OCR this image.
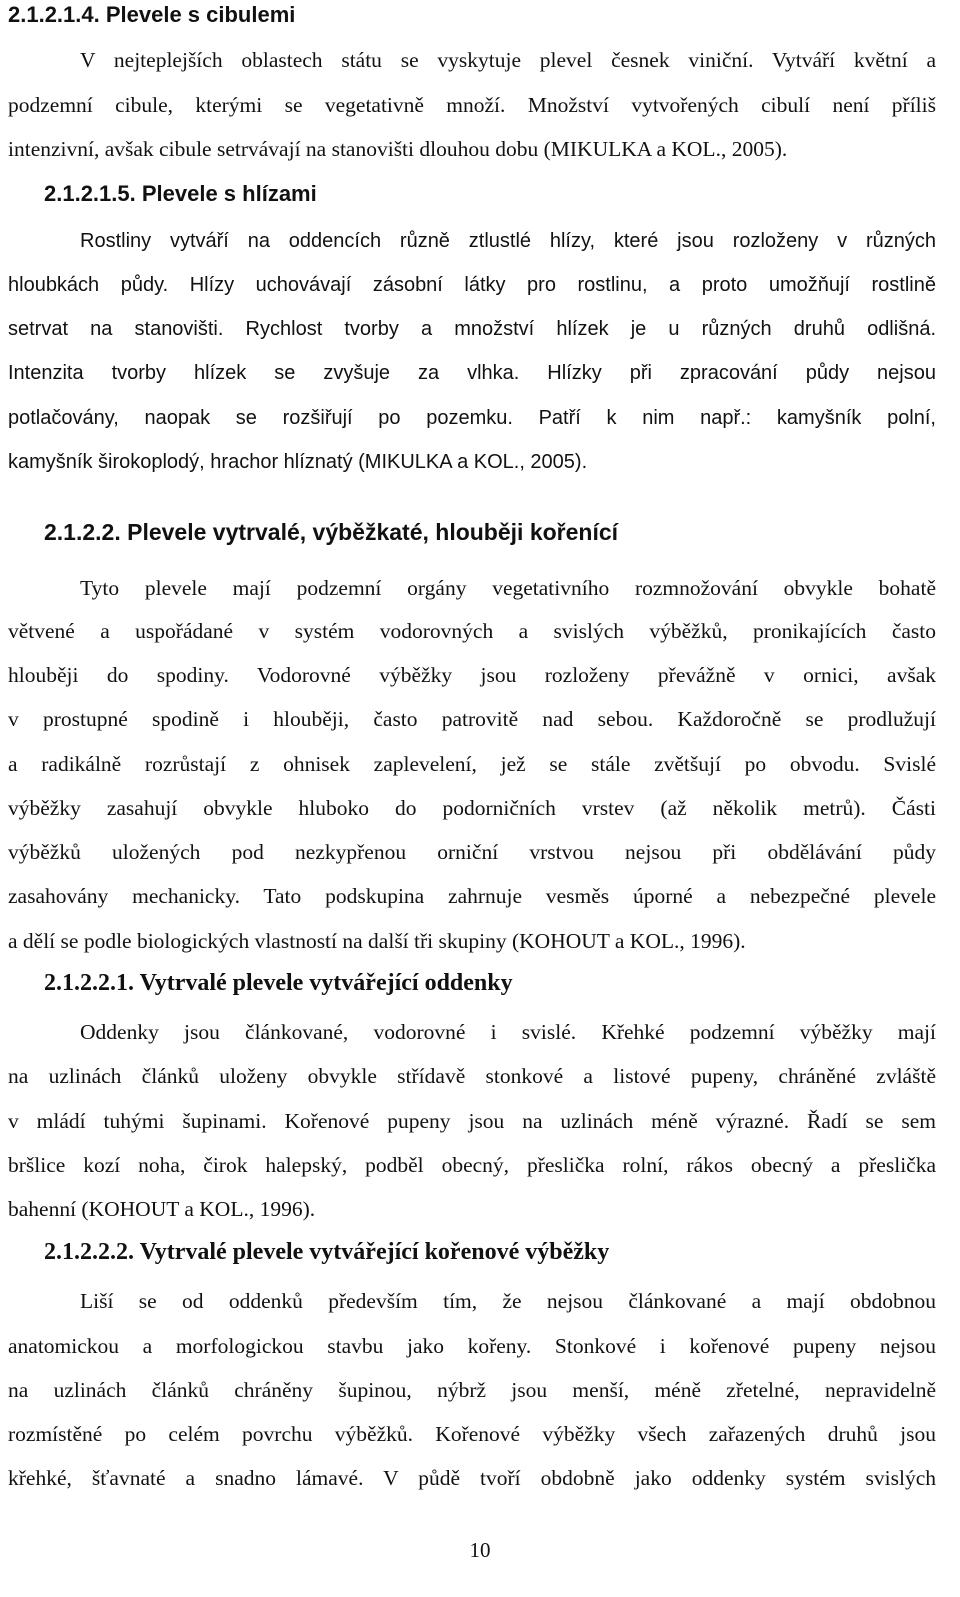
2.1.2.1.4. Plevele s cibulemi
V nejteplejších oblastech státu se vyskytuje plevel česnek viniční. Vytváří květní a
podzemní cibule, kterými se vegetativně množí. Množství vytvořených cibulí není příliš
intenzivní, avšak cibule setrvávají na stanovišti dlouhou dobu (MIKULKA a KOL., 2005).
2.1.2.1.5. Plevele s hlízami
Rostliny vytváří na oddencích různě ztlustlé hlízy, které jsou rozloženy v různých
hloubkách půdy. Hlízy uchovávají zásobní látky pro rostlinu, a proto umožňují rostlině
setrvat na stanovišti. Rychlost tvorby a množství hlízek je u různých druhů odlišná.
Intenzita tvorby hlízek se zvyšuje za vlhka. Hlízky při zpracování půdy nejsou
potlačovány, naopak se rozšiřují po pozemku. Patří k nim např.: kamyšník polní,
kamyšník širokoplodý, hrachor hlíznatý (MIKULKA a KOL., 2005).
2.1.2.2. Plevele vytrvalé, výběžkaté, hlouběji kořenící
Tyto plevele mají podzemní orgány vegetativního rozmnožování obvykle bohatě
větvené a uspořádané v systém vodorovných a svislých výběžků, pronikajících často
hlouběji do spodiny. Vodorovné výběžky jsou rozloženy převážně v ornici, avšak
v prostupné spodině i hlouběji, často patrovitě nad sebou. Každoročně se prodlužují
a radikálně rozrůstají z ohnisek zaplevelení, jež se stále zvětšují po obvodu. Svislé
výběžky zasahují obvykle hluboko do podorničních vrstev (až několik metrů). Části
výběžků uložených pod nezkypřenou orniční vrstvou nejsou při obdělávání půdy
zasahovány mechanicky. Tato podskupina zahrnuje vesměs úporné a nebezpečné plevele
a dělí se podle biologických vlastností na další tři skupiny (KOHOUT a KOL., 1996).
2.1.2.2.1. Vytrvalé plevele vytvářející oddenky
Oddenky jsou článkované, vodorovné i svislé. Křehké podzemní výběžky mají
na uzlinách článků uloženy obvykle střídavě stonkové a listové pupeny, chráněné zvláště
v mládí tuhými šupinami. Kořenové pupeny jsou na uzlinách méně výrazné. Řadí se sem
bršlice kozí noha, čirok halepský, podběl obecný, přeslička rolní, rákos obecný a přeslička
bahenní (KOHOUT a KOL., 1996).
2.1.2.2.2. Vytrvalé plevele vytvářející kořenové výběžky
Liší se od oddenků především tím, že nejsou článkované a mají obdobnou
anatomickou a morfologickou stavbu jako kořeny. Stonkové i kořenové pupeny nejsou
na uzlinách článků chráněny šupinou, nýbrž jsou menší, méně zřetelné, nepravidelně
rozmístěné po celém povrchu výběžků. Kořenové výběžky všech zařazených druhů jsou
křehké, šťavnaté a snadno lámavé. V půdě tvoří obdobně jako oddenky systém svislých
10
